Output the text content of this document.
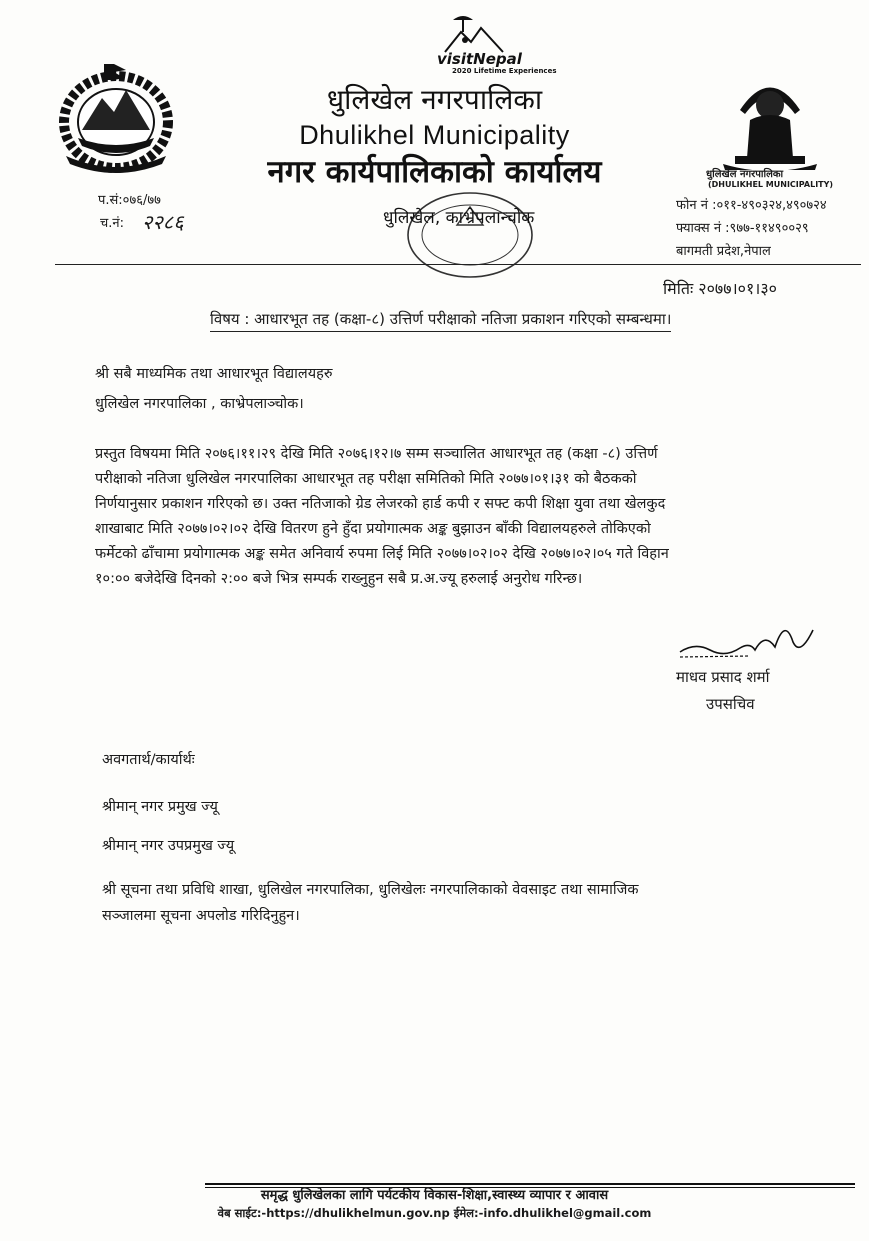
visitNepal
2020 Lifetime Experiences
धुलिखेल नगरपालिका
Dhulikhel Municipality
नगर कार्यपालिकाको कार्यालय
धुलिखेल, काभ्रेपलान्चोक
धुलिखेल नगरपालिका
(DHULIKHEL MUNICIPALITY)
प.सं:०७६/७७
च.नं: २२८६
फोन नं :०११-४९०३२४,४९०७२४
फ्याक्स नं :९७७-११४९००२९
बागमती प्रदेश,नेपाल
मितिः २०७७।०१।३०
विषय : आधारभूत तह (कक्षा-८) उत्तिर्ण परीक्षाको नतिजा प्रकाशन गरिएको सम्बन्धमा।
श्री सबै माध्यमिक तथा आधारभूत विद्यालयहरु
धुलिखेल नगरपालिका , काभ्रेपलाञ्चोक।
प्रस्तुत विषयमा मिति २०७६।११।२९ देखि मिति २०७६।१२।७ सम्म सञ्चालित आधारभूत तह (कक्षा -८) उत्तिर्ण
परीक्षाको नतिजा धुलिखेल नगरपालिका आधारभूत तह परीक्षा समितिको मिति २०७७।०१।३१ को बैठकको
निर्णयानुसार प्रकाशन गरिएको छ। उक्त नतिजाको ग्रेड लेजरको हार्ड कपी र सफ्ट कपी शिक्षा युवा तथा खेलकुद
शाखाबाट मिति २०७७।०२।०२ देखि वितरण हुने हुँदा प्रयोगात्मक अङ्क बुझाउन बाँकी विद्यालयहरुले तोकिएको
फर्मेटको ढाँचामा प्रयोगात्मक अङ्क समेत अनिवार्य रुपमा लिई मिति २०७७।०२।०२ देखि २०७७।०२।०५ गते विहान
१०:०० बजेदेखि दिनको २:०० बजे भित्र सम्पर्क राख्नुहुन सबै प्र.अ.ज्यू हरुलाई अनुरोध गरिन्छ।
माधव प्रसाद शर्मा
उपसचिव
अवगतार्थ/कार्यार्थः
श्रीमान् नगर प्रमुख ज्यू
श्रीमान् नगर उपप्रमुख ज्यू
श्री सूचना तथा प्रविधि शाखा, धुलिखेल नगरपालिका, धुलिखेलः नगरपालिकाको वेवसाइट तथा सामाजिक
सञ्जालमा सूचना अपलोड गरिदिनुहुन।
समृद्ध धुलिखेलका लागि पर्यटकीय विकास-शिक्षा,स्वास्थ्य व्यापार र आवास
वेब साईट:-https://dhulikhelmun.gov.np ईमेल:-info.dhulikhel@gmail.com
